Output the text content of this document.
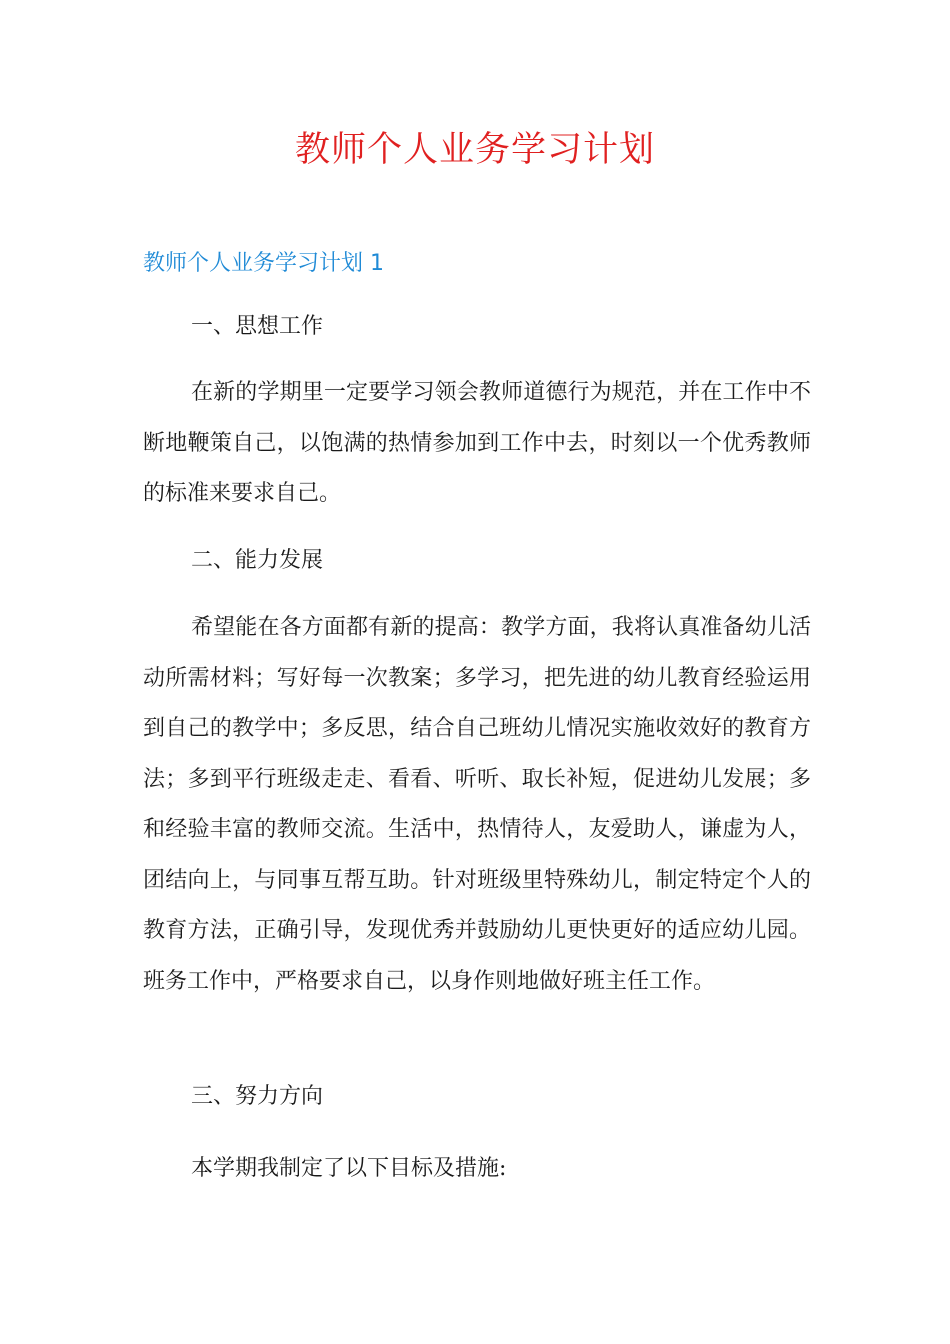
教师个人业务学习计划
教师个人业务学习计划 1
一、思想工作
在新的学期里一定要学习领会教师道德行为规范，并在工作中不断地鞭策自己，以饱满的热情参加到工作中去，时刻以一个优秀教师的标准来要求自己。
二、能力发展
希望能在各方面都有新的提高：教学方面，我将认真准备幼儿活动所需材料；写好每一次教案；多学习，把先进的幼儿教育经验运用到自己的教学中；多反思，结合自己班幼儿情况实施收效好的教育方法；多到平行班级走走、看看、听听、取长补短，促进幼儿发展；多和经验丰富的教师交流。生活中，热情待人，友爱助人，谦虚为人，团结向上，与同事互帮互助。针对班级里特殊幼儿，制定特定个人的教育方法，正确引导，发现优秀并鼓励幼儿更快更好的适应幼儿园。班务工作中，严格要求自己，以身作则地做好班主任工作。
三、努力方向
本学期我制定了以下目标及措施:
